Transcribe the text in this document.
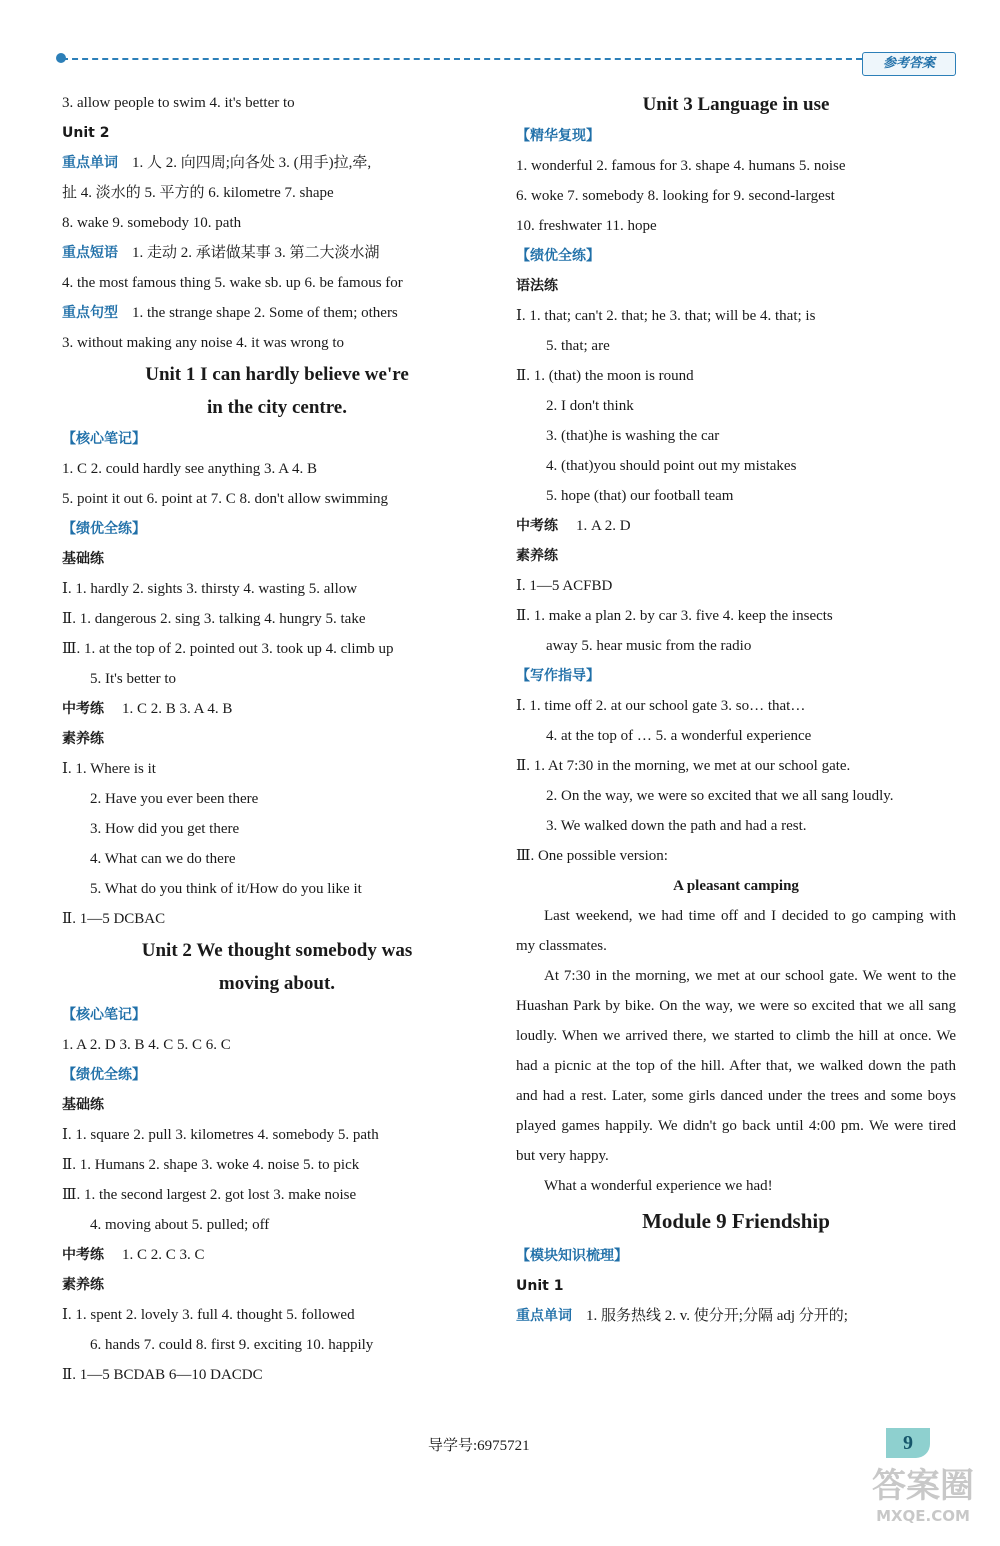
参考答案
3. allow people to swim 4. it's better to
Unit 2
重点单词 1. 人 2. 向四周;向各处 3. (用手)拉,牵,
扯 4. 淡水的 5. 平方的 6. kilometre 7. shape
8. wake 9. somebody 10. path
重点短语 1. 走动 2. 承诺做某事 3. 第二大淡水湖
4. the most famous thing 5. wake sb. up 6. be famous for
重点句型 1. the strange shape 2. Some of them; others
3. without making any noise 4. it was wrong to
Unit 1 I can hardly believe we're
in the city centre.
【核心笔记】
1. C 2. could hardly see anything 3. A 4. B
5. point it out 6. point at 7. C 8. don't allow swimming
【绩优全练】
基础练
Ⅰ. 1. hardly 2. sights 3. thirsty 4. wasting 5. allow
Ⅱ. 1. dangerous 2. sing 3. talking 4. hungry 5. take
Ⅲ. 1. at the top of 2. pointed out 3. took up 4. climb up
5. It's better to
中考练 1. C 2. B 3. A 4. B
素养练
Ⅰ. 1. Where is it
2. Have you ever been there
3. How did you get there
4. What can we do there
5. What do you think of it/How do you like it
Ⅱ. 1—5 DCBAC
Unit 2 We thought somebody was
moving about.
【核心笔记】
1. A 2. D 3. B 4. C 5. C 6. C
【绩优全练】
基础练
Ⅰ. 1. square 2. pull 3. kilometres 4. somebody 5. path
Ⅱ. 1. Humans 2. shape 3. woke 4. noise 5. to pick
Ⅲ. 1. the second largest 2. got lost 3. make noise
4. moving about 5. pulled; off
中考练 1. C 2. C 3. C
素养练
Ⅰ. 1. spent 2. lovely 3. full 4. thought 5. followed
6. hands 7. could 8. first 9. exciting 10. happily
Ⅱ. 1—5 BCDAB 6—10 DACDC
Unit 3 Language in use
【精华复现】
1. wonderful 2. famous for 3. shape 4. humans 5. noise
6. woke 7. somebody 8. looking for 9. second-largest
10. freshwater 11. hope
【绩优全练】
语法练
Ⅰ. 1. that; can't 2. that; he 3. that; will be 4. that; is
5. that; are
Ⅱ. 1. (that) the moon is round
2. I don't think
3. (that)he is washing the car
4. (that)you should point out my mistakes
5. hope (that) our football team
中考练 1. A 2. D
素养练
Ⅰ. 1—5 ACFBD
Ⅱ. 1. make a plan 2. by car 3. five 4. keep the insects
away 5. hear music from the radio
【写作指导】
Ⅰ. 1. time off 2. at our school gate 3. so… that…
4. at the top of … 5. a wonderful experience
Ⅱ. 1. At 7:30 in the morning, we met at our school gate.
2. On the way, we were so excited that we all sang loudly.
3. We walked down the path and had a rest.
Ⅲ. One possible version:
A pleasant camping
Last weekend, we had time off and I decided to go camping with my classmates.
At 7:30 in the morning, we met at our school gate. We went to the Huashan Park by bike. On the way, we were so excited that we all sang loudly. When we arrived there, we started to climb the hill at once. We had a picnic at the top of the hill. After that, we walked down the path and had a rest. Later, some girls danced under the trees and some boys played games happily. We didn't go back until 4:00 pm. We were tired but very happy.
What a wonderful experience we had!
Module 9 Friendship
【模块知识梳理】
Unit 1
重点单词 1. 服务热线 2. v. 使分开;分隔 adj 分开的;
导学号:6975721	9
答案圈
MXQE.COM
